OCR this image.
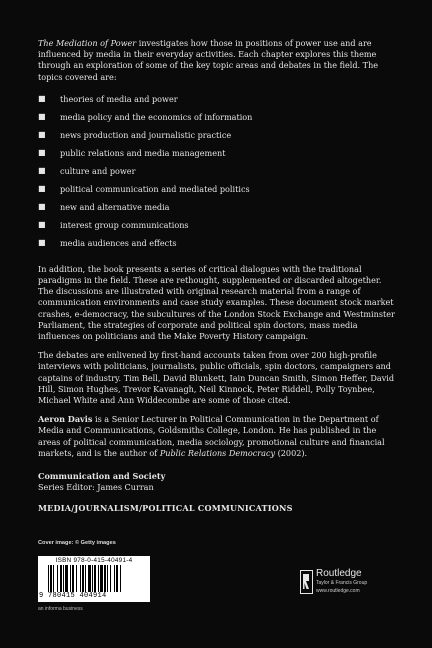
The Mediation of Power investigates how those in positions of power use and are influenced by media in their everyday activities. Each chapter explores this theme through an exploration of some of the key topic areas and debates in the field. The topics covered are:

■ theories of media and power
■ media policy and the economics of information
■ news production and journalistic practice
■ public relations and media management
■ culture and power
■ political communication and mediated politics
■ new and alternative media
■ interest group communications
■ media audiences and effects

In addition, the book presents a series of critical dialogues with the traditional paradigms in the field. These are rethought, supplemented or discarded altogether. The discussions are illustrated with original research material from a range of communication environments and case study examples. These document stock market crashes, e-democracy, the subcultures of the London Stock Exchange and Westminster Parliament, the strategies of corporate and political spin doctors, mass media influences on politicians and the Make Poverty History campaign.

The debates are enlivened by first-hand accounts taken from over 200 high-profile interviews with politicians, journalists, public officials, spin doctors, campaigners and captains of industry. Tim Bell, David Blunkett, Iain Duncan Smith, Simon Heffer, David Hill, Simon Hughes, Trevor Kavanagh, Neil Kinnock, Peter Riddell, Polly Toynbee, Michael White and Ann Widdecombe are some of those cited.

Aeron Davis is a Senior Lecturer in Political Communication in the Department of Media and Communications, Goldsmiths College, London. He has published in the areas of political communication, media sociology, promotional culture and financial markets, and is the author of Public Relations Democracy (2002).

Communication and Society
Series Editor: James Curran
MEDIA/JOURNALISM/POLITICAL COMMUNICATIONS
Cover image: © Getty images
ISBN 978-0-415-40491-4
9 780415 404914
an informa business
Routledge
Taylor & Francis Group
www.routledge.com
